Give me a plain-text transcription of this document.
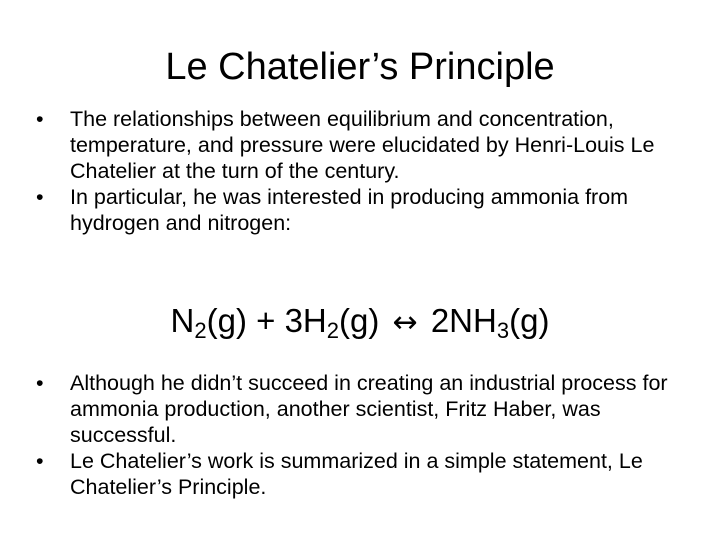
Le Chatelier’s Principle
•	The relationships between equilibrium and concentration, temperature, and pressure were elucidated by Henri-Louis Le Chatelier at the turn of the century.
•	In particular, he was interested in producing ammonia from hydrogen and nitrogen:
$N_2(g) + 3H_2(g)$ ↔ $2NH_3(g)$
•	Although he didn’t succeed in creating an industrial process for ammonia production, another scientist, Fritz Haber, was successful.
•	Le Chatelier’s work is summarized in a simple statement, Le Chatelier’s Principle.
